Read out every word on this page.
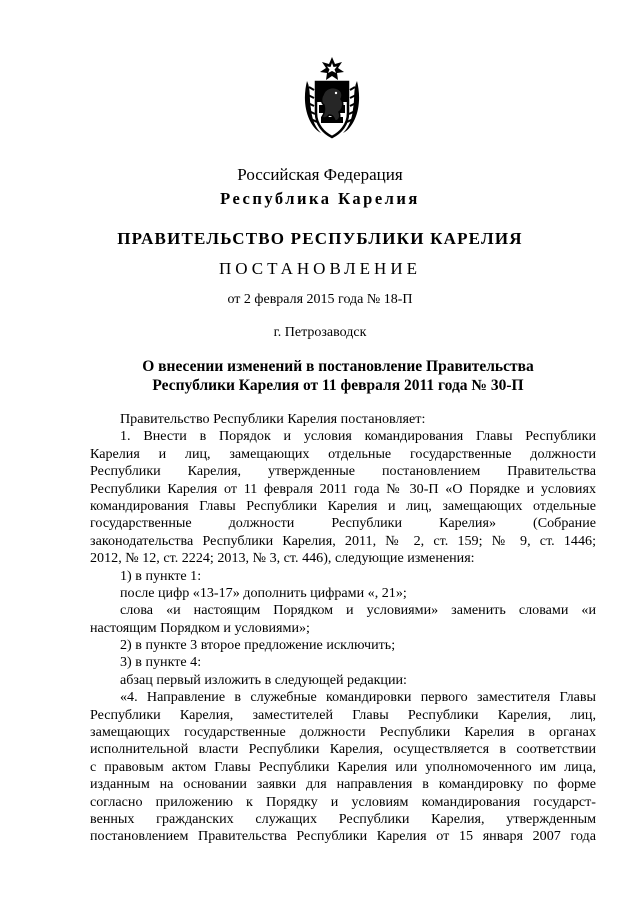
Российская Федерация
Республика Карелия
ПРАВИТЕЛЬСТВО РЕСПУБЛИКИ КАРЕЛИЯ
ПОСТАНОВЛЕНИЕ
от 2 февраля 2015 года № 18-П
г. Петрозаводск
О внесении изменений в постановление Правительства
Республики Карелия от 11 февраля 2011 года № 30-П
Правительство Республики Карелия постановляет:
1. Внести в Порядок и условия командирования Главы Республики
Карелия и лиц, замещающих отдельные государственные должности
Республики Карелия, утвержденные постановлением Правительства
Республики Карелия от 11 февраля 2011 года № 30-П «О Порядке и условиях
командирования Главы Республики Карелия и лиц, замещающих отдельные
государственные должности Республики Карелия» (Собрание
законодательства Республики Карелия, 2011, № 2, ст. 159; № 9, ст. 1446;
2012, № 12, ст. 2224; 2013, № 3, ст. 446), следующие изменения:
1) в пункте 1:
после цифр «13-17» дополнить цифрами «, 21»;
слова «и настоящим Порядком и условиями» заменить словами «и
настоящим Порядком и условиями»;
2) в пункте 3 второе предложение исключить;
3) в пункте 4:
абзац первый изложить в следующей редакции:
«4. Направление в служебные командировки первого заместителя Главы
Республики Карелия, заместителей Главы Республики Карелия, лиц,
замещающих государственные должности Республики Карелия в органах
исполнительной власти Республики Карелия, осуществляется в соответствии
с правовым актом Главы Республики Карелия или уполномоченного им лица,
изданным на основании заявки для направления в командировку по форме
согласно приложению к Порядку и условиям командирования государст-
венных гражданских служащих Республики Карелия, утвержденным
постановлением Правительства Республики Карелия от 15 января 2007 года
